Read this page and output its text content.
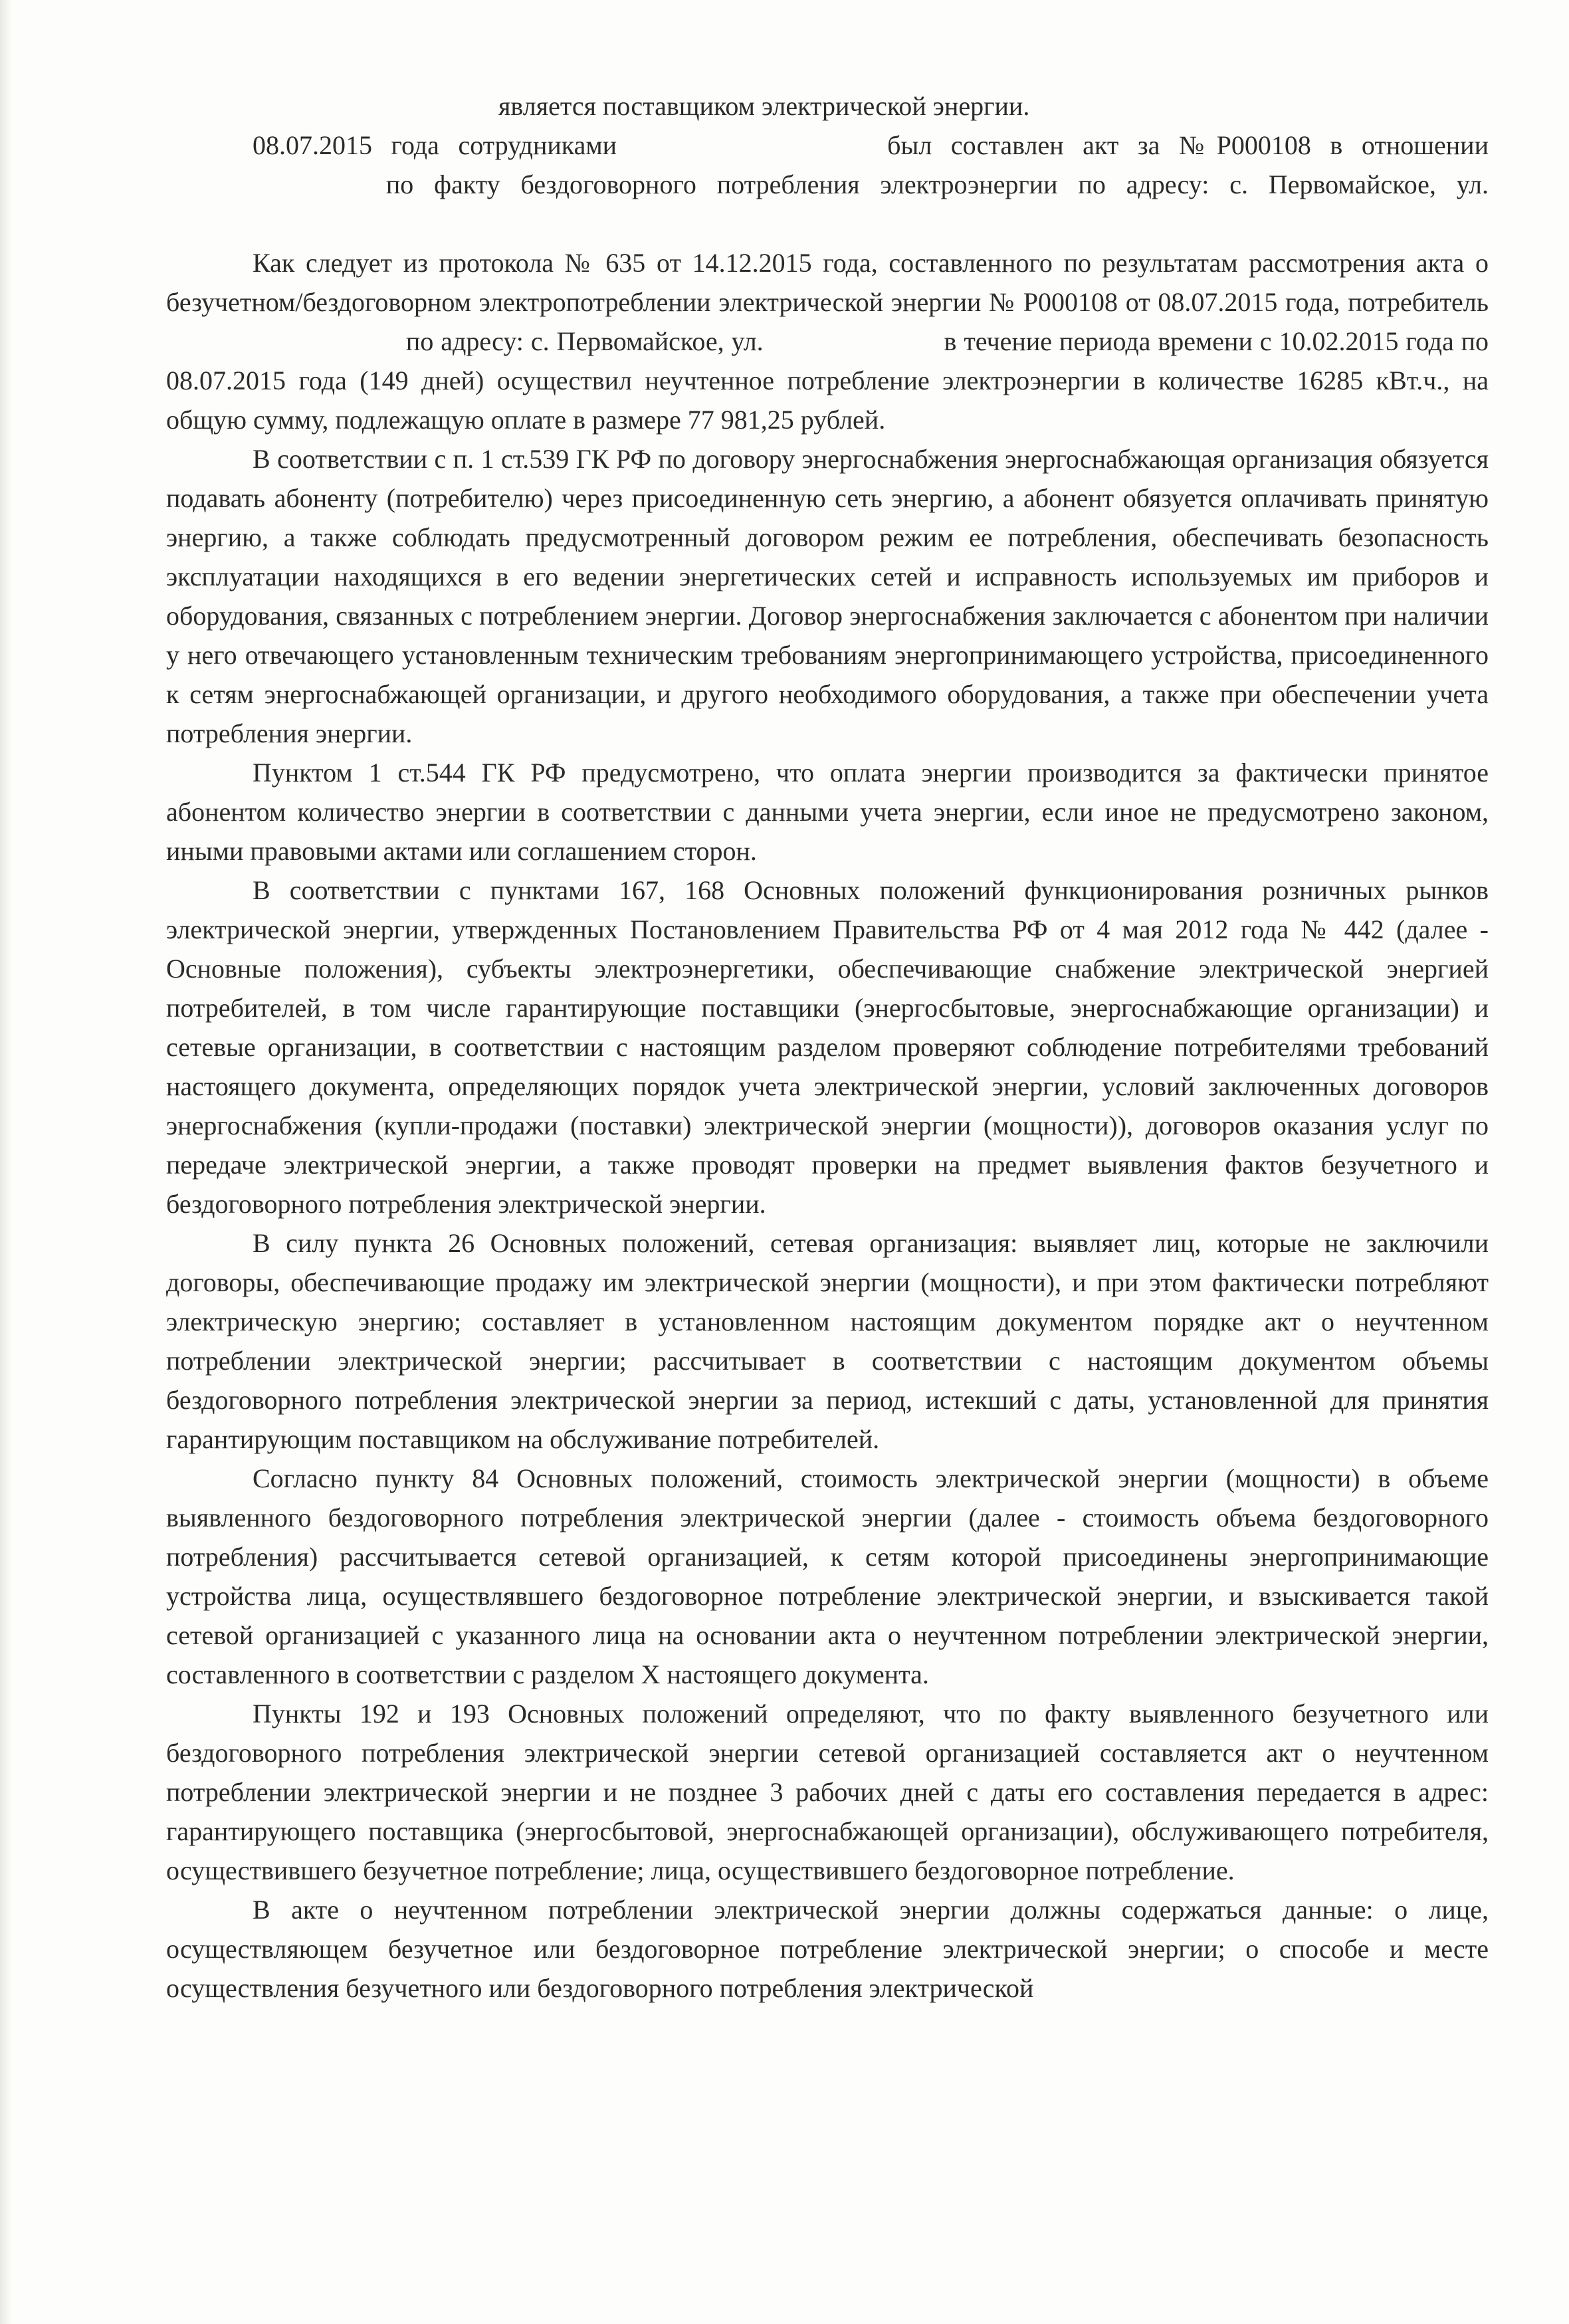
является поставщиком электрической энергии.

08.07.2015 года сотрудниками	был составлен акт за №Р000108 в отношении  по факту бездоговорного потребления электроэнергии по адресу: с. Первомайское, ул.

Как следует из протокола № 635 от 14.12.2015 года, составленного по результатам рассмотрения акта о безучетном/бездоговорном электропотреблении электрической энергии № Р000108 от 08.07.2015 года, потребитель  по адресу: с. Первомайское, ул.	в течение периода времени с 10.02.2015 года по 08.07.2015 года (149 дней) осуществил неучтенное потребление электроэнергии в количестве 16285 кВт.ч., на общую сумму, подлежащую оплате в размере 77 981,25 рублей.

В соответствии с п. 1 ст.539 ГК РФ по договору энергоснабжения энергоснабжающая организация обязуется подавать абоненту (потребителю) через присоединенную сеть энергию, а абонент обязуется оплачивать принятую энергию, а также соблюдать предусмотренный договором режим ее потребления, обеспечивать безопасность эксплуатации находящихся в его ведении энергетических сетей и исправность используемых им приборов и оборудования, связанных с потреблением энергии. Договор энергоснабжения заключается с абонентом при наличии у него отвечающего установленным техническим требованиям энергопринимающего устройства, присоединенного к сетям энергоснабжающей организации, и другого необходимого оборудования, а также при обеспечении учета потребления энергии.

Пунктом 1 ст.544 ГК РФ предусмотрено, что оплата энергии производится за фактически принятое абонентом количество энергии в соответствии с данными учета энергии, если иное не предусмотрено законом, иными правовыми актами или соглашением сторон.

В соответствии с пунктами 167, 168 Основных положений функционирования розничных рынков электрической энергии, утвержденных Постановлением Правительства РФ от 4 мая 2012 года № 442 (далее - Основные положения), субъекты электроэнергетики, обеспечивающие снабжение электрической энергией потребителей, в том числе гарантирующие поставщики (энергосбытовые, энергоснабжающие организации) и сетевые организации, в соответствии с настоящим разделом проверяют соблюдение потребителями требований настоящего документа, определяющих порядок учета электрической энергии, условий заключенных договоров энергоснабжения (купли-продажи (поставки) электрической энергии (мощности)), договоров оказания услуг по передаче электрической энергии, а также проводят проверки на предмет выявления фактов безучетного и бездоговорного потребления электрической энергии.

В силу пункта 26 Основных положений, сетевая организация: выявляет лиц, которые не заключили договоры, обеспечивающие продажу им электрической энергии (мощности), и при этом фактически потребляют электрическую энергию; составляет в установленном настоящим документом порядке акт о неучтенном потреблении электрической энергии; рассчитывает в соответствии с настоящим документом объемы бездоговорного потребления электрической энергии за период, истекший с даты, установленной для принятия гарантирующим поставщиком на обслуживание потребителей.

Согласно пункту 84 Основных положений, стоимость электрической энергии (мощности) в объеме выявленного бездоговорного потребления электрической энергии (далее - стоимость объема бездоговорного потребления) рассчитывается сетевой организацией, к сетям которой присоединены энергопринимающие устройства лица, осуществлявшего бездоговорное потребление электрической энергии, и взыскивается такой сетевой организацией с указанного лица на основании акта о неучтенном потреблении электрической энергии, составленного в соответствии с разделом X настоящего документа.

Пункты 192 и 193 Основных положений определяют, что по факту выявленного безучетного или бездоговорного потребления электрической энергии сетевой организацией составляется акт о неучтенном потреблении электрической энергии и не позднее 3 рабочих дней с даты его составления передается в адрес: гарантирующего поставщика (энергосбытовой, энергоснабжающей организации), обслуживающего потребителя, осуществившего безучетное потребление; лица, осуществившего бездоговорное потребление.

В акте о неучтенном потреблении электрической энергии должны содержаться данные: о лице, осуществляющем безучетное или бездоговорное потребление электрической энергии; о способе и месте осуществления безучетного или бездоговорного потребления электрической
